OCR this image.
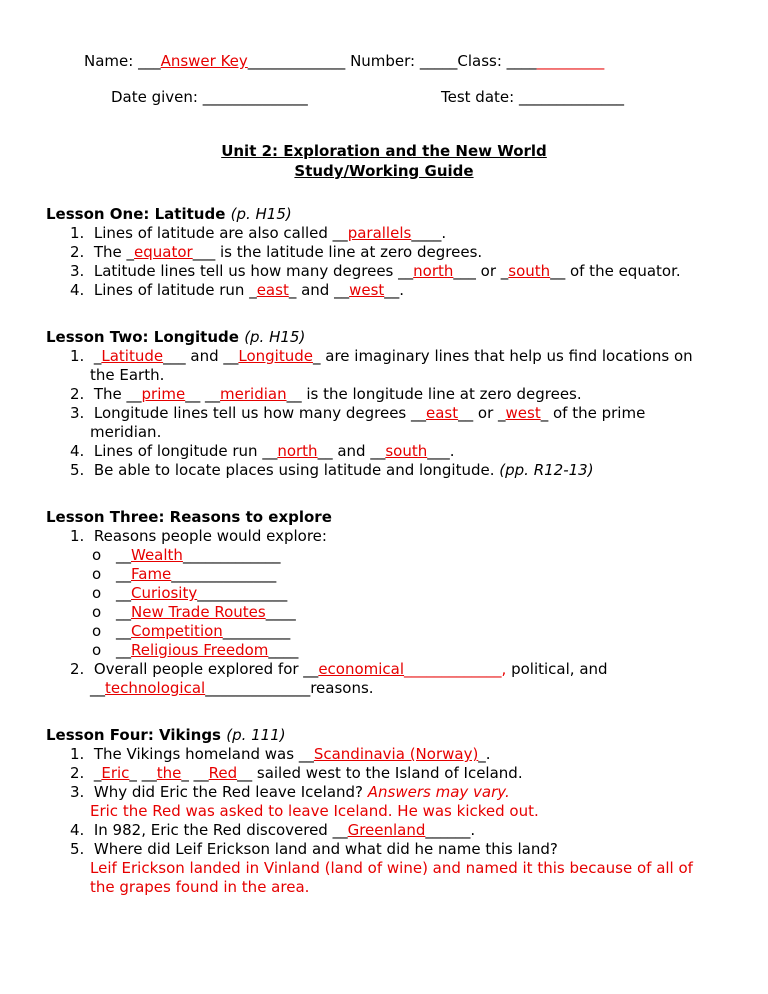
Name: ___Answer Key_____________ Number: _____Class: _____________
Date given: ______________	Test date: ______________
Unit 2: Exploration and the New World
Study/Working Guide
Lesson One: Latitude (p. H15)
1. Lines of latitude are also called __parallels____.
2. The _equator___ is the latitude line at zero degrees.
3. Latitude lines tell us how many degrees __north___ or _south__ of the equator.
4.  Lines of latitude run _east_ and __west__.
Lesson Two: Longitude (p. H15)
1.  _Latitude___ and __Longitude_ are imaginary lines that help us find locations on
the Earth.
2.  The __prime__ __meridian__ is the longitude line at zero degrees.
3.  Longitude lines tell us how many degrees __east__ or _west_ of the prime
meridian.
4.  Lines of longitude run __north__ and __south___.
5.  Be able to locate places using latitude and longitude. (pp. R12-13)
Lesson Three: Reasons to explore
1.  Reasons people would explore:
o __Wealth_____________
o __Fame______________
o __Curiosity____________
o __New Trade Routes____
o __Competition_________
o __Religious Freedom____
2.  Overall people explored for __economical_____________, political, and
__technological______________reasons.
Lesson Four: Vikings (p. 111)
1.  The Vikings homeland was __Scandinavia (Norway)_.
2.  _Eric_ __the_ __Red__ sailed west to the Island of Iceland.
3.  Why did Eric the Red leave Iceland? Answers may vary.
Eric the Red was asked to leave Iceland. He was kicked out.
4.  In 982, Eric the Red discovered __Greenland______.
5.  Where did Leif Erickson land and what did he name this land?
Leif Erickson landed in Vinland (land of wine) and named it this because of all of
the grapes found in the area.
